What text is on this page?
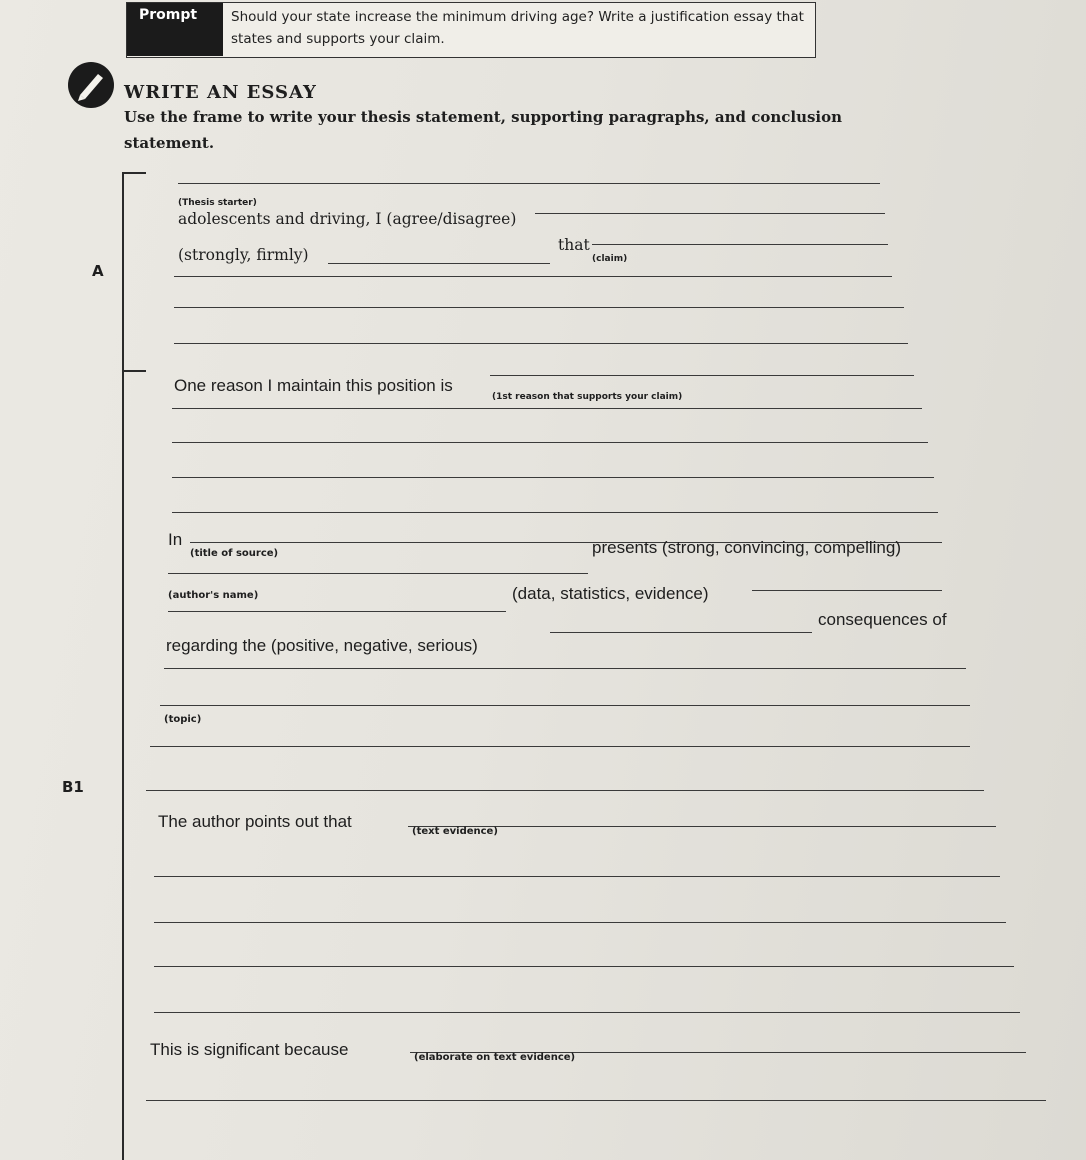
Prompt	Should your state increase the minimum driving age? Write a justification essay that states and supports your claim.
WRITE AN ESSAY
Use the frame to write your thesis statement, supporting paragraphs, and conclusion statement.
A
(Thesis starter)
adolescents and driving, I (agree/disagree)
(strongly, firmly)
that
(claim)
One reason I maintain this position is
(1st reason that supports your claim)
In
(title of source)	presents (strong, convincing, compelling)
(author's name)	(data, statistics, evidence)
consequences of
regarding the (positive, negative, serious)
(topic)
B1
The author points out that
(text evidence)
This is significant because	(elaborate on text evidence)
